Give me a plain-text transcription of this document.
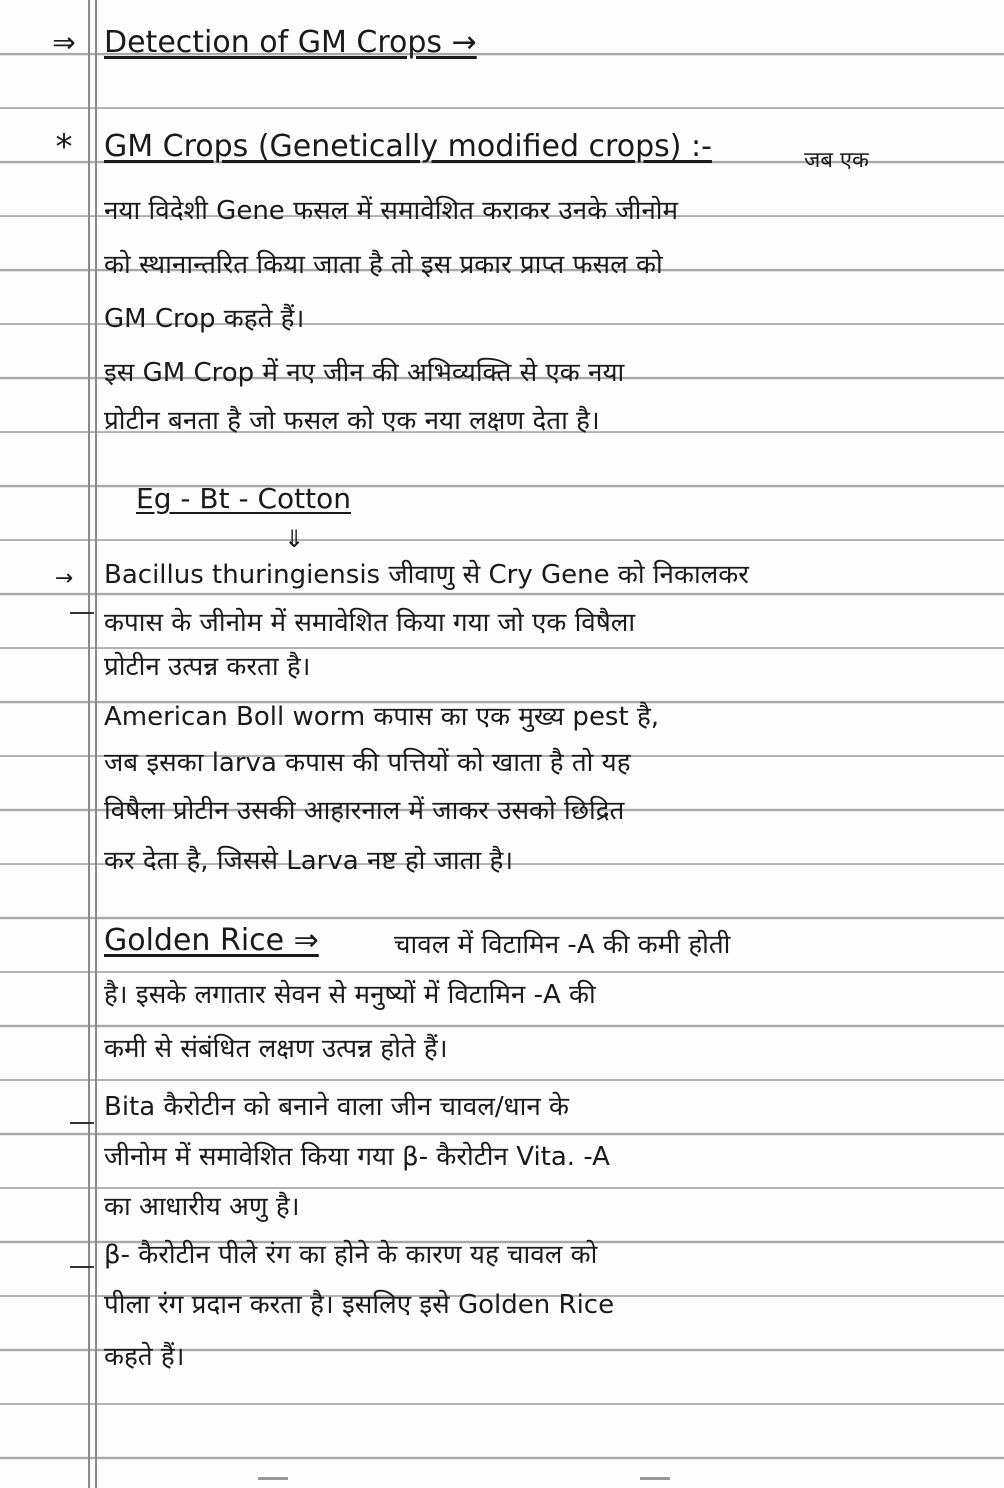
⇒ Detection of GM Crops →
*	GM Crops (Genetically modified crops) :-	जब एक
नया विदेशी Gene फसल में समावेशित कराकर उनके जीनोम
को स्थानान्तरित किया जाता है तो इस प्रकार प्राप्त फसल को
GM Crop कहते हैं।
इस GM Crop में नए जीन की अभिव्यक्ति से एक नया
प्रोटीन बनता है जो फसल को एक नया लक्षण देता है।
Eg - Bt - Cotton
⇓
→	Bacillus thuringiensis जीवाणु से Cry Gene को निकालकर
कपास के जीनोम में समावेशित किया गया जो एक विषैला
प्रोटीन उत्पन्न करता है।
American Boll worm कपास का एक मुख्य pest है,
जब इसका larva कपास की पत्तियों को खाता है तो यह
विषैला प्रोटीन उसकी आहारनाल में जाकर उसको छिद्रित
कर देता है, जिससे Larva नष्ट हो जाता है।
Golden Rice ⇒	चावल में विटामिन -A की कमी होती
है। इसके लगातार सेवन से मनुष्यों में विटामिन -A की
कमी से संबंधित लक्षण उत्पन्न होते हैं।
Bita कैरोटीन को बनाने वाला जीन चावल/धान के
जीनोम में समावेशित किया गया β- कैरोटीन Vita. -A
का आधारीय अणु है।
β- कैरोटीन पीले रंग का होने के कारण यह चावल को
पीला रंग प्रदान करता है। इसलिए इसे Golden Rice
कहते हैं।
